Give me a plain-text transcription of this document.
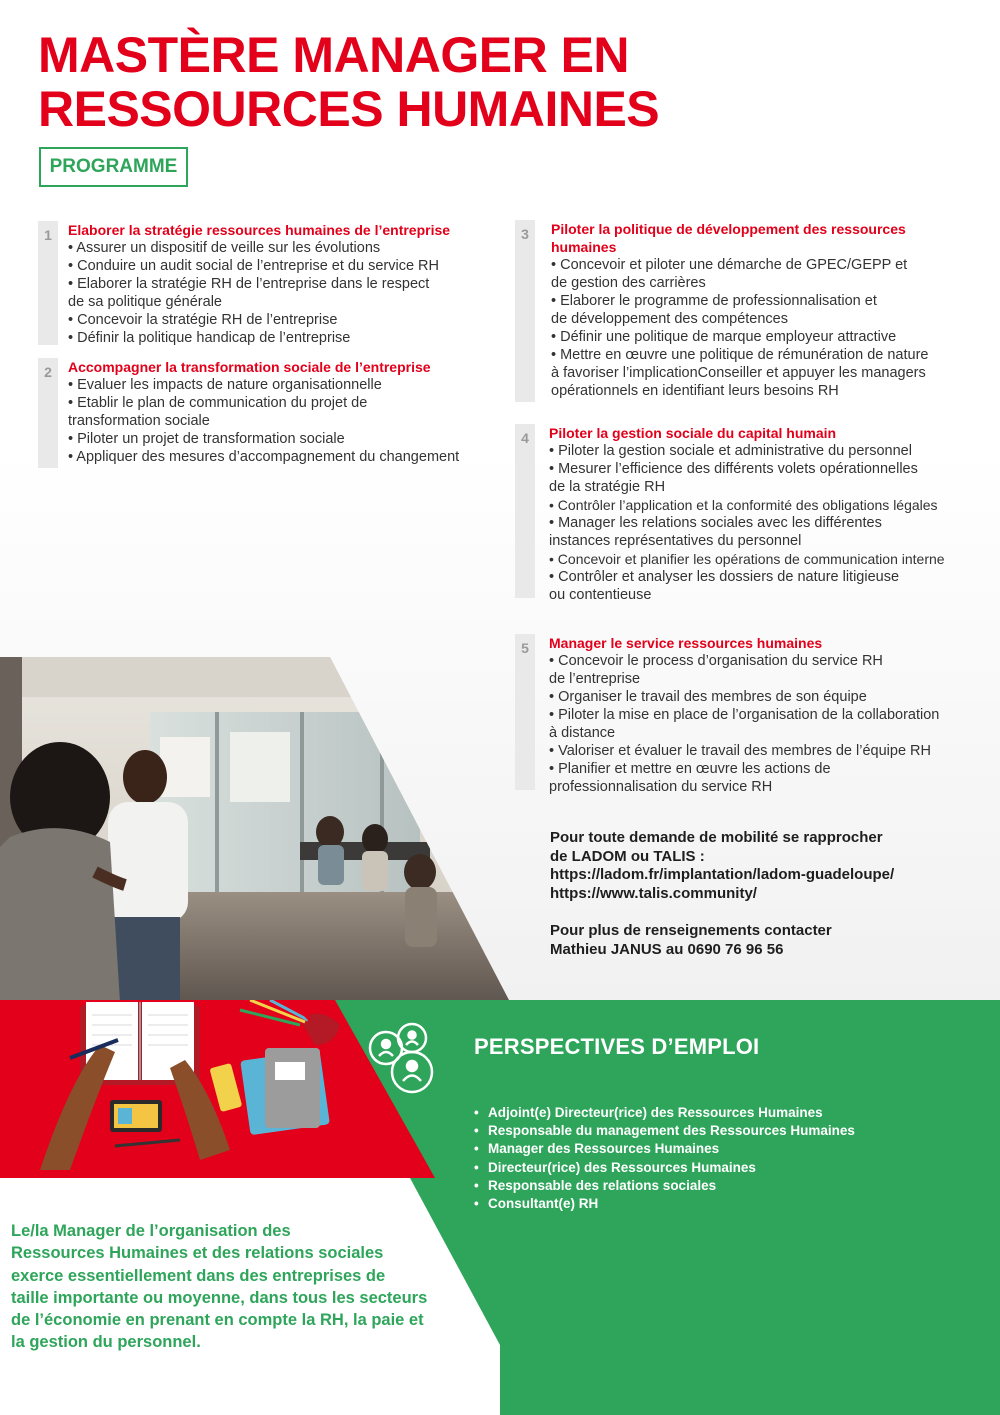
MASTÈRE MANAGER EN
RESSOURCES HUMAINES
PROGRAMME
1	Elaborer la stratégie ressources humaines de l’entreprise
• Assurer un dispositif de veille sur les évolutions
• Conduire un audit social de l’entreprise et du service RH
• Elaborer la stratégie RH de l’entreprise dans le respect
de sa politique générale
• Concevoir la stratégie RH de l’entreprise
• Définir la politique handicap de l’entreprise
2	Accompagner la transformation sociale de l’entreprise
• Evaluer les impacts de nature organisationnelle
• Etablir le plan de communication du projet de
transformation sociale
• Piloter un projet de transformation sociale
• Appliquer des mesures d’accompagnement du changement
3	Piloter la politique de développement des ressources
humaines
• Concevoir et piloter une démarche de GPEC/GEPP et
de gestion des carrières
• Elaborer le programme de professionnalisation et
de développement des compétences
• Définir une politique de marque employeur attractive
• Mettre en œuvre une politique de rémunération de nature
à favoriser l’implicationConseiller et appuyer les managers
opérationnels en identifiant leurs besoins RH
4	Piloter la gestion sociale du capital humain
• Piloter la gestion sociale et administrative du personnel
• Mesurer l’efficience des différents volets opérationnelles
de la stratégie RH
• Contrôler l’application et la conformité des obligations légales
• Manager les relations sociales avec les différentes
instances représentatives du personnel
• Concevoir et planifier les opérations de communication interne
• Contrôler et analyser les dossiers de nature litigieuse
ou contentieuse
5	Manager le service ressources humaines
• Concevoir le process d’organisation du service RH
de l’entreprise
• Organiser le travail des membres de son équipe
• Piloter la mise en place de l’organisation de la collaboration
à distance
• Valoriser et évaluer le travail des membres de l’équipe RH
• Planifier et mettre en œuvre les actions de
professionnalisation du service RH

Pour toute demande de mobilité se rapprocher
de LADOM ou TALIS :
https://ladom.fr/implantation/ladom-guadeloupe/
https://www.talis.community/

Pour plus de renseignements contacter
Mathieu JANUS au 0690 76 96 56

PERSPECTIVES D’EMPLOI
• Adjoint(e) Directeur(rice) des Ressources Humaines
• Responsable du management des Ressources Humaines
• Manager des Ressources Humaines
• Directeur(rice) des Ressources Humaines
• Responsable des relations sociales
• Consultant(e) RH
Le/la Manager de l’organisation des
Ressources Humaines et des relations sociales
exerce essentiellement dans des entreprises de
taille importante ou moyenne, dans tous les secteurs
de l’économie en prenant en compte la RH, la paie et
la gestion du personnel.
